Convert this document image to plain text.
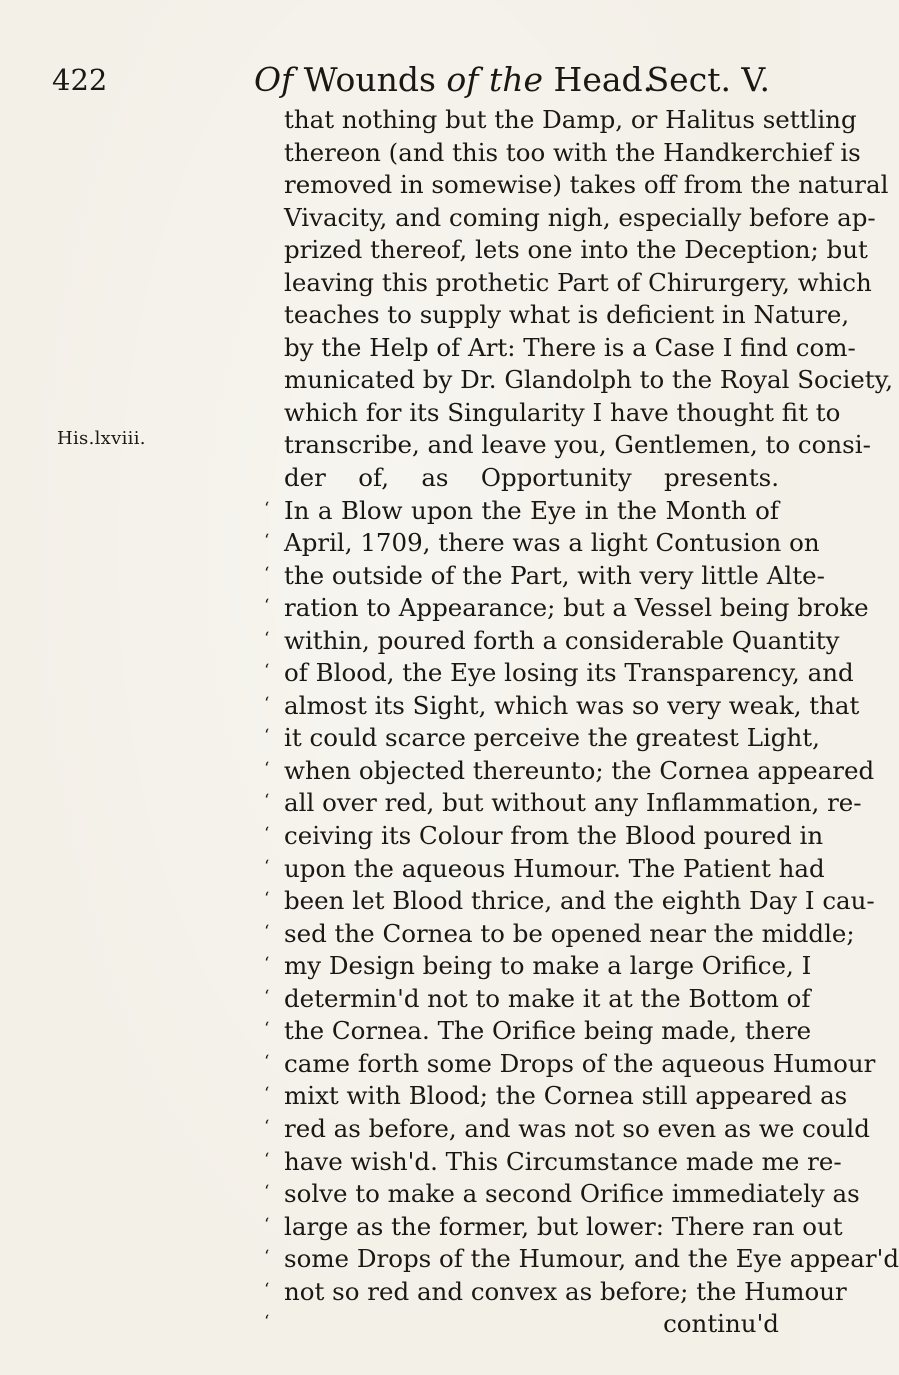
422	Of Wounds of the Head.
Sect. V.
His.lxviii.
that nothing but the Damp, or Halitus settling
thereon (and this too with the Handkerchief is
removed in somewise) takes off from the natural
Vivacity, and coming nigh, especially before ap-
prized thereof, lets one into the Deception; but
leaving this prothetic Part of Chirurgery, which
teaches to supply what is deficient in Nature,
by the Help of Art: There is a Case I find com-
municated by Dr. Glandolph to the Royal Society,
which for its Singularity I have thought fit to
transcribe, and leave you, Gentlemen, to consi-
der of, as Opportunity presents.
‘ In a Blow upon the Eye in the Month of
‘ April, 1709, there was a light Contusion on
‘ the outside of the Part, with very little Alte-
‘ ration to Appearance; but a Vessel being broke
‘ within, poured forth a considerable Quantity
‘ of Blood, the Eye losing its Transparency, and
‘ almost its Sight, which was so very weak, that
‘ it could scarce perceive the greatest Light,
‘ when objected thereunto; the Cornea appeared
‘ all over red, but without any Inflammation, re-
‘ ceiving its Colour from the Blood poured in
‘ upon the aqueous Humour. The Patient had
‘ been let Blood thrice, and the eighth Day I cau-
‘ sed the Cornea to be opened near the middle;
‘ my Design being to make a large Orifice, I
‘ determin'd not to make it at the Bottom of
‘ the Cornea. The Orifice being made, there
‘ came forth some Drops of the aqueous Humour
‘ mixt with Blood; the Cornea still appeared as
‘ red as before, and was not so even as we could
‘ have wish'd. This Circumstance made me re-
‘ solve to make a second Orifice immediately as
‘ large as the former, but lower: There ran out
‘ some Drops of the Humour, and the Eye appear'd
‘ not so red and convex as before; the Humour
‘	continu'd
